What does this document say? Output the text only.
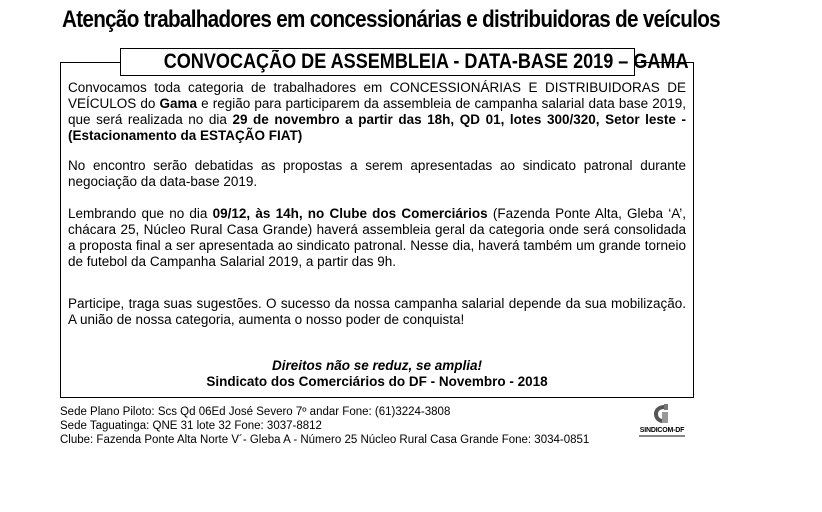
Atenção trabalhadores em concessionárias e distribuidoras de veículos
CONVOCAÇÃO DE ASSEMBLEIA - DATA-BASE 2019 – GAMA

Convocamos toda categoria de trabalhadores em CONCESSIONÁRIAS E DISTRIBUIDORAS DE VEÍCULOS do Gama e região para participarem da assembleia de campanha salarial data base 2019, que será realizada no dia 29 de novembro a partir das 18h, QD 01, lotes 300/320, Setor leste - (Estacionamento da ESTAÇÃO FIAT)

No encontro serão debatidas as propostas a serem apresentadas ao sindicato patronal durante negociação da data-base 2019.

Lembrando que no dia 09/12, às 14h, no Clube dos Comerciários (Fazenda Ponte Alta, Gleba ‘A’, chácara 25, Núcleo Rural Casa Grande) haverá assembleia geral da categoria onde será consolidada a proposta final a ser apresentada ao sindicato patronal. Nesse dia, haverá também um grande torneio de futebol da Campanha Salarial 2019, a partir das 9h.

Participe, traga suas sugestões. O sucesso da nossa campanha salarial depende da sua mobilização. A união de nossa categoria, aumenta o nosso poder de conquista!

Direitos não se reduz, se amplia!
Sindicato dos Comerciários do DF - Novembro - 2018
Sede Plano Piloto: Scs Qd 06Ed José Severo 7º andar Fone: (61)3224-3808
Sede Taguatinga: QNE 31 lote 32 Fone: 3037-8812
Clube: Fazenda Ponte Alta Norte V´- Gleba A - Número 25 Núcleo Rural Casa Grande Fone: 3034-0851
SINDICOM-DF
